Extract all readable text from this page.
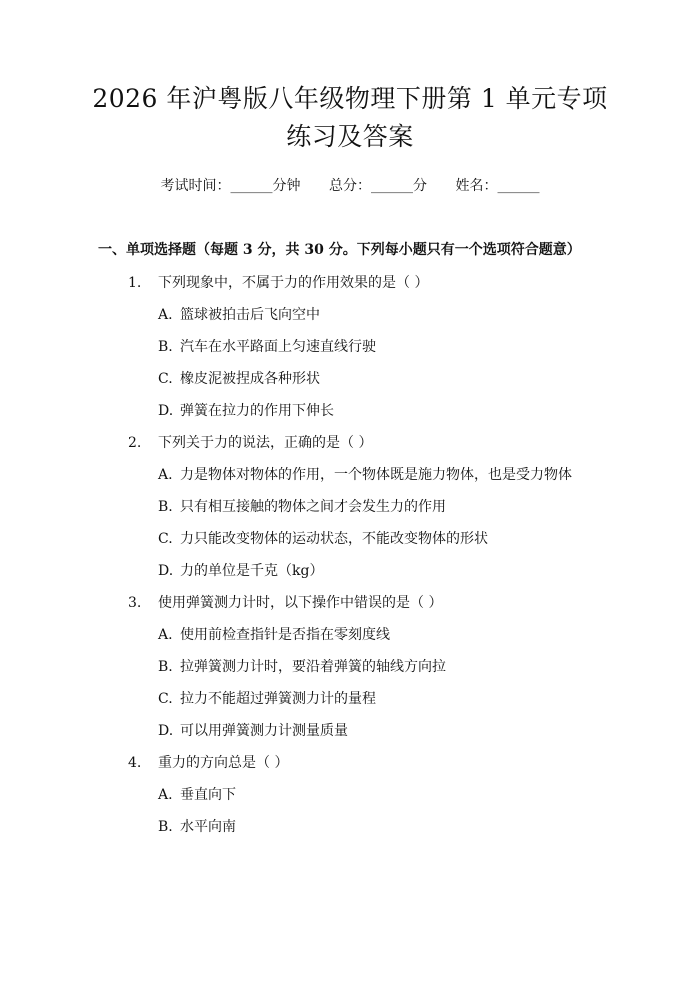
2026 年沪粤版八年级物理下册第 1 单元专项
练习及答案
考试时间：______分钟 总分：______分 姓名：______
一、单项选择题（每题 3 分，共 30 分。下列每小题只有一个选项符合题意）
1.	下列现象中，不属于力的作用效果的是（ ）
A. 篮球被拍击后飞向空中
B. 汽车在水平路面上匀速直线行驶
C. 橡皮泥被捏成各种形状
D. 弹簧在拉力的作用下伸长
2.	下列关于力的说法，正确的是（ ）
A. 力是物体对物体的作用，一个物体既是施力物体，也是受力物体
B. 只有相互接触的物体之间才会发生力的作用
C. 力只能改变物体的运动状态，不能改变物体的形状
D. 力的单位是千克（kg）
3.	使用弹簧测力计时，以下操作中错误的是（ ）
A. 使用前检查指针是否指在零刻度线
B. 拉弹簧测力计时，要沿着弹簧的轴线方向拉
C. 拉力不能超过弹簧测力计的量程
D. 可以用弹簧测力计测量质量
4.	重力的方向总是（ ）
A. 垂直向下
B. 水平向南
